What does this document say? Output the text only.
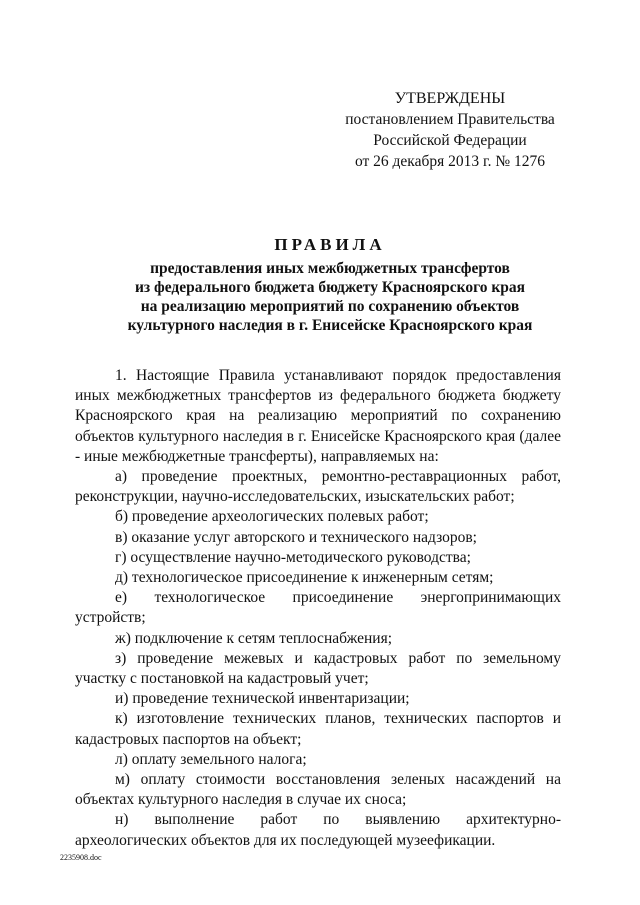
УТВЕРЖДЕНЫ
постановлением Правительства
Российской Федерации
от 26 декабря 2013 г. № 1276
ПРАВИЛА
предоставления иных межбюджетных трансфертов
из федерального бюджета бюджету Красноярского края
на реализацию мероприятий по сохранению объектов
культурного наследия в г. Енисейске Красноярского края

1. Настоящие Правила устанавливают порядок предоставления иных межбюджетных трансфертов из федерального бюджета бюджету Красноярского края на реализацию мероприятий по сохранению объектов культурного наследия в г. Енисейске Красноярского края (далее - иные межбюджетные трансферты), направляемых на:

а) проведение проектных, ремонтно-реставрационных работ, реконструкции, научно-исследовательских, изыскательских работ;

б) проведение археологических полевых работ;

в) оказание услуг авторского и технического надзоров;

г) осуществление научно-методического руководства;

д) технологическое присоединение к инженерным сетям;

е) технологическое присоединение энергопринимающих устройств;

ж) подключение к сетям теплоснабжения;

з) проведение межевых и кадастровых работ по земельному участку с постановкой на кадастровый учет;

и) проведение технической инвентаризации;

к) изготовление технических планов, технических паспортов и кадастровых паспортов на объект;

л) оплату земельного налога;

м) оплату стоимости восстановления зеленых насаждений на объектах культурного наследия в случае их сноса;

н) выполнение работ по выявлению архитектурно-археологических объектов для их последующей музеефикации.

2235908.doc
